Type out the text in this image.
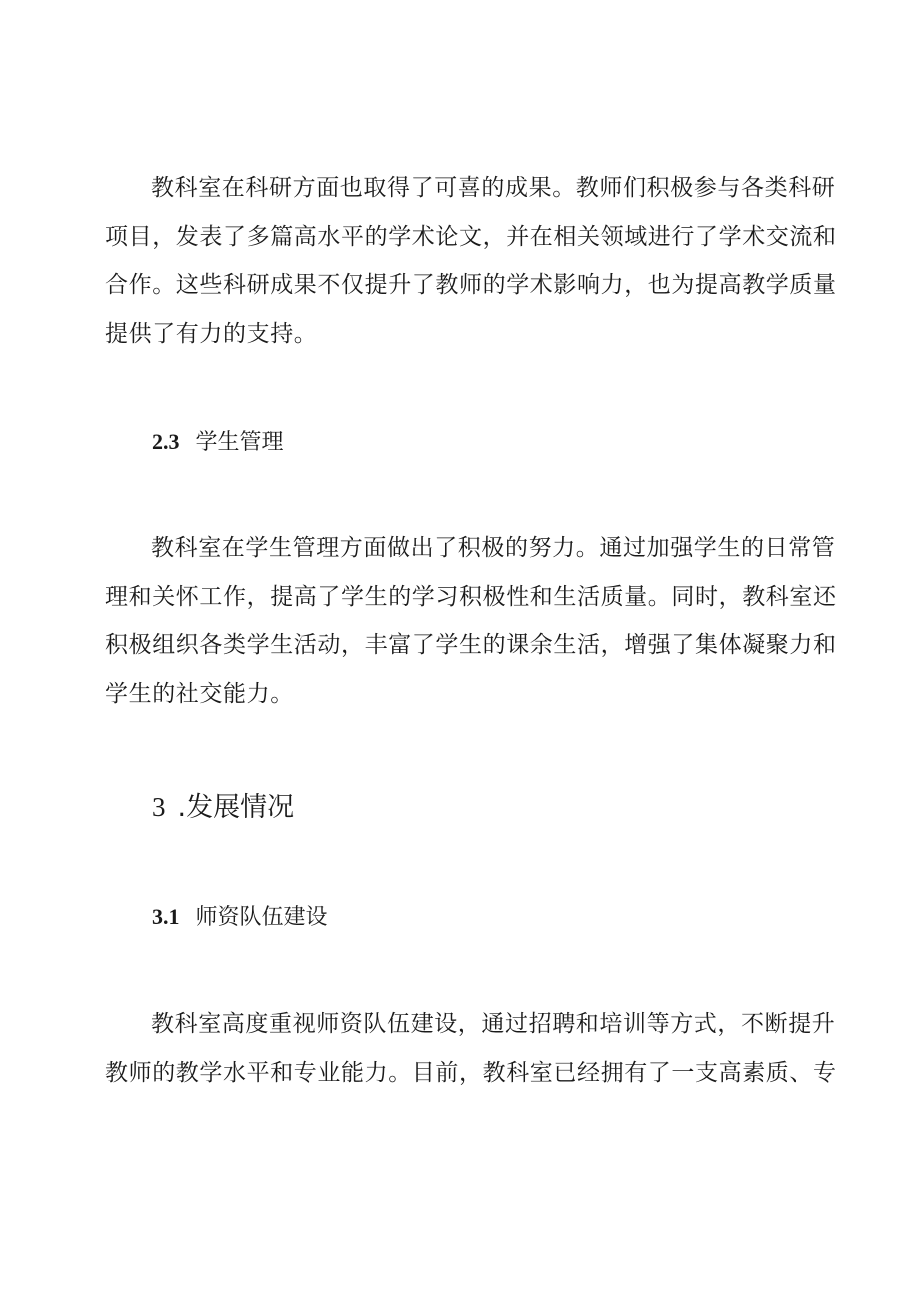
教科室在科研方面也取得了可喜的成果。教师们积极参与各类科研
项目，发表了多篇高水平的学术论文，并在相关领域进行了学术交流和
合作。这些科研成果不仅提升了教师的学术影响力，也为提高教学质量
提供了有力的支持。
2.3 学生管理
教科室在学生管理方面做出了积极的努力。通过加强学生的日常管
理和关怀工作，提高了学生的学习积极性和生活质量。同时，教科室还
积极组织各类学生活动，丰富了学生的课余生活，增强了集体凝聚力和
学生的社交能力。
3 .发展情况
3.1 师资队伍建设
教科室高度重视师资队伍建设，通过招聘和培训等方式，不断提升
教师的教学水平和专业能力。目前，教科室已经拥有了一支高素质、专
